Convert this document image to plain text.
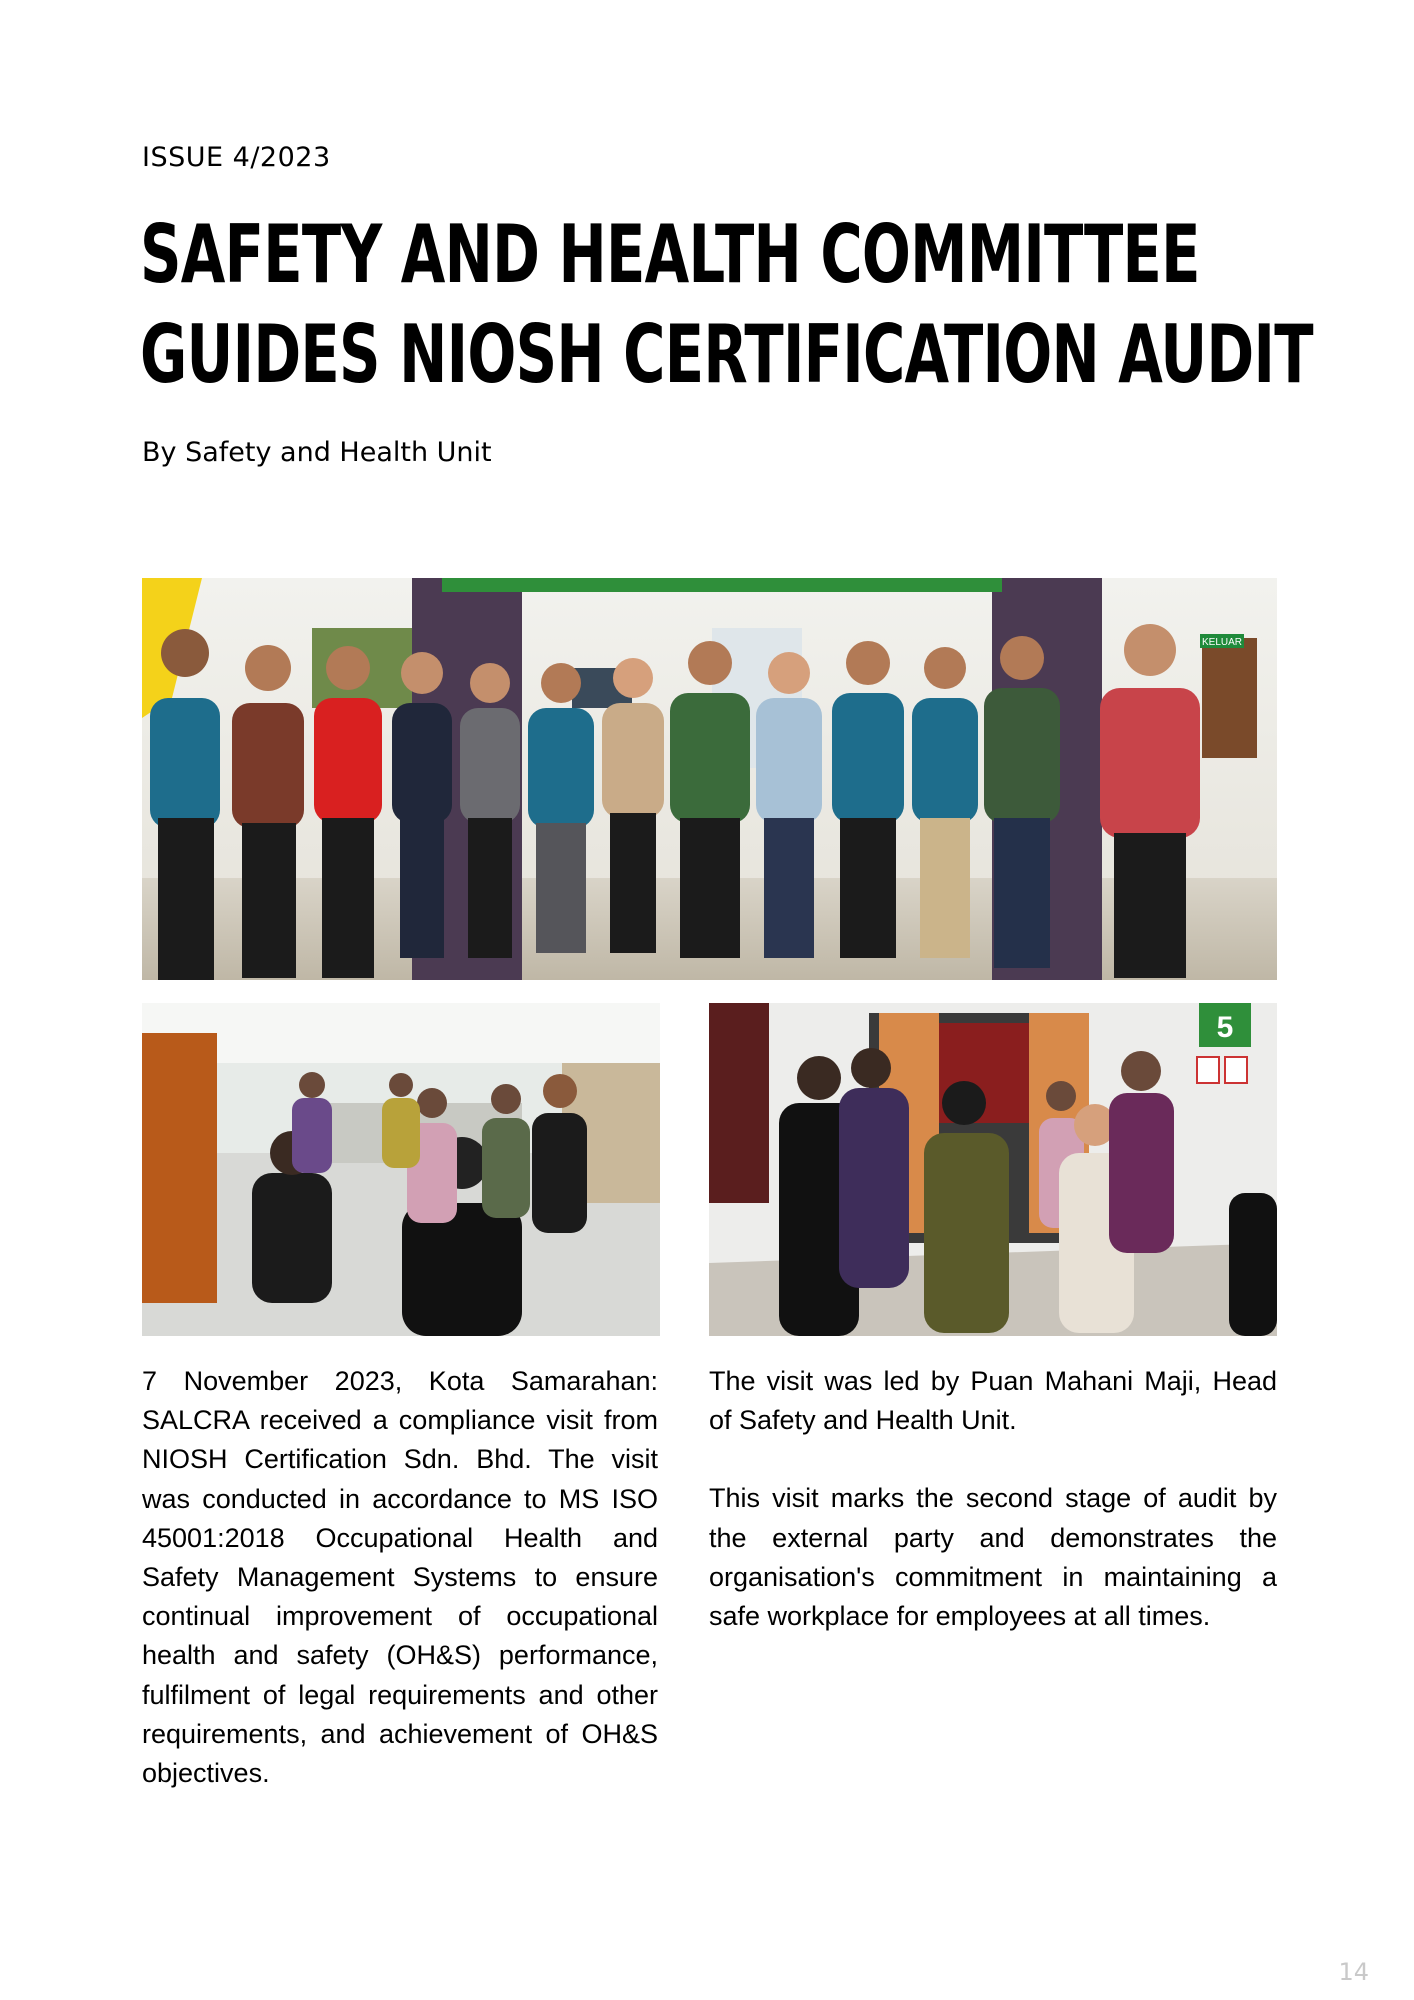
ISSUE 4/2023
SAFETY AND HEALTH COMMITTEE
GUIDES NIOSH CERTIFICATION AUDIT
By Safety and Health Unit
KELUAR
5

7 November 2023, Kota Samarahan: SALCRA received a compliance visit from NIOSH Certification Sdn. Bhd. The visit was conducted in accordance to MS ISO 45001:2018 Occupational Health and Safety Management Systems to ensure continual improvement of occupational health and safety (OH&S) performance, fulfilment of legal requirements and other requirements, and achievement of OH&S objectives.

The visit was led by Puan Mahani Maji, Head of Safety and Health Unit.

This visit marks the second stage of audit by the external party and demonstrates the organisation's commitment in maintaining a safe workplace for employees at all times.

14
